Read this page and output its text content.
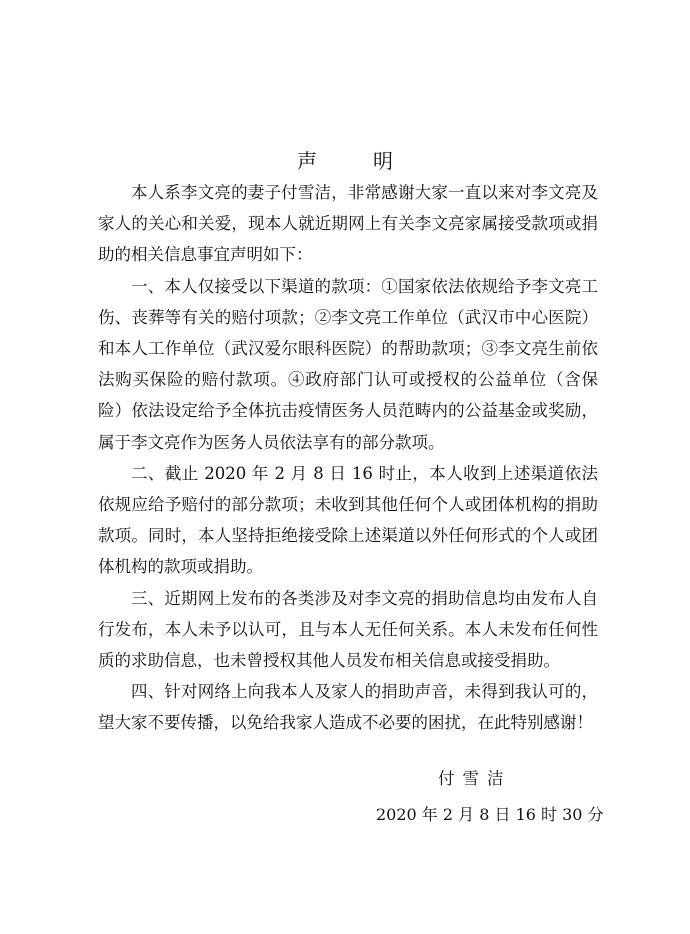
声　明

本人系李文亮的妻子付雪洁，非常感谢大家一直以来对李文亮及家人的关心和关爱，现本人就近期网上有关李文亮家属接受款项或捐助的相关信息事宜声明如下：

一、本人仅接受以下渠道的款项：①国家依法依规给予李文亮工伤、丧葬等有关的赔付项款；②李文亮工作单位（武汉市中心医院）和本人工作单位（武汉爱尔眼科医院）的帮助款项；③李文亮生前依法购买保险的赔付款项。④政府部门认可或授权的公益单位（含保险）依法设定给予全体抗击疫情医务人员范畴内的公益基金或奖励，属于李文亮作为医务人员依法享有的部分款项。

二、截止 2020 年 2 月 8 日 16 时止，本人收到上述渠道依法依规应给予赔付的部分款项；未收到其他任何个人或团体机构的捐助款项。同时，本人坚持拒绝接受除上述渠道以外任何形式的个人或团体机构的款项或捐助。

三、近期网上发布的各类涉及对李文亮的捐助信息均由发布人自行发布，本人未予以认可，且与本人无任何关系。本人未发布任何性质的求助信息，也未曾授权其他人员发布相关信息或接受捐助。

四、针对网络上向我本人及家人的捐助声音，未得到我认可的，望大家不要传播，以免给我家人造成不必要的困扰，在此特别感谢！

付雪洁
2020 年 2 月 8 日 16 时 30 分
